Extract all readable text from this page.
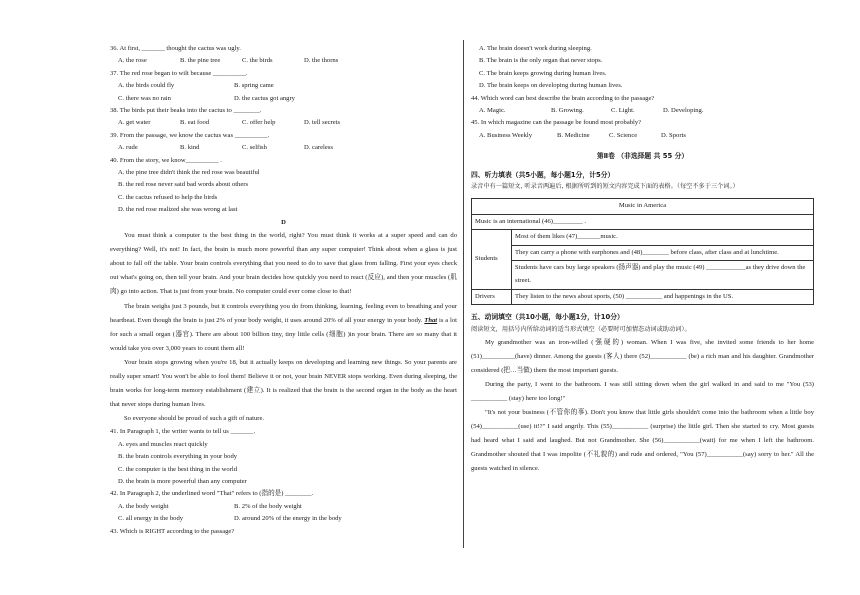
36. At first, _______ thought the cactus was ugly.
A. the rose	B. the pine tree	C. the birds	D. the thorns
37. The red rose began to wilt because __________.
A. the birds could fly	B. spring came
C. there was no rain	D. the cactus got angry
38. The birds put their beaks into the cactus to ________.
A. get water	B. eat food	C. offer help	D. tell secrets
39. From the passage, we know the cactus was __________.
A. rude	B. kind	C. selfish	D. careless
40. From the story, we know__________ .
A. the pine tree didn't think the red rose was beautiful
B. the red rose never said bad words about others
C. the cactus refused to help the birds
D. the red rose realized she was wrong at last
D
You must think a computer is the best thing in the world, right? You must think it works at a super speed and can do everything? Well, it's not! In fact, the brain is much more powerful than any super computer! Think about when a glass is just about to fall off the table. Your brain controls everything that you need to do to save that glass from falling. First your eyes check out what's going on, then tell your brain. And your brain decides how quickly you need to react (反应), and then your muscles (肌肉) go into action. That is just from your brain. No computer could ever come close to that!
The brain weighs just 3 pounds, but it controls everything you do from thinking, learning, feeling even to breathing and your heartbeat. Even though the brain is just 2% of your body weight, it uses around 20% of all your energy in your body. That is a lot for such a small organ (器官). There are about 100 billion tiny, tiny little cells (细胞) )in your brain. There are so many that it would take you over 3,000 years to count them all!
Your brain stops growing when you're 18, but it actually keeps on developing and learning new things. So your parents are really super smart! You won't be able to fool them! Believe it or not, your brain NEVER stops working. Even during sleeping, the brain works for long-term memory establishment (建立). It is realized that the brain is the second organ in the body as the heart that never stops during human lives.
So everyone should be proud of such a gift of nature.
41. In Paragraph 1, the writer wants to tell us _______.
A. eyes and muscles react quickly
B. the brain controls everything in your body
C. the computer is the best thing in the world
D. the brain is more powerful than any computer
42. In Paragraph 2, the underlined word "That" refers to (指的是) ________.
A. the body weight	B. 2% of the body weight
C. all energy in the body	D. around 20% of the energy in the body
43. Which is RIGHT according to the passage?
A. The brain doesn't work during sleeping.
B. The brain is the only organ that never stops.
C. The brain keeps growing during human lives.
D. The brain keeps on developing during human lives.
44. Which word can best describe the brain according to the passage?
A. Magic.	B. Growing.	C. Light.	D. Developing.
45. In which magazine can the passage be found most probably?
A. Business Weekly	B. Medicine	C. Science	D. Sports
第Ⅱ卷 （非选择题 共 55 分）
四、听力填表（共5小题，每小题1分，计5分）
录音中有一篇短文, 听录音两遍后, 根据所听到的短文内容完成下面的表格。（每空不多于三个词。）
Music in America	
Music is an international (46)_________ .	
Students	Most of them likes (47)_______music.
	They can carry a phone with earphones and (48)________ before class, after class and at lunchtime.
	Students have cars buy large speakers (扬声器) and play the music (49) ____________as they drive down the street.
Drivers	They listen to the news about sports, (50) ___________ and happenings in the US.
五、动词填空（共10小题，每小题1分，计10分）
阅读短文，用括号内所给动词的适当形式填空（必要时可加情态动词或助动词）。
My grandmother was an iron-willed (强硬的) woman. When I was five, she invited some friends to her home (51)__________(have) dinner. Among the guests (客人) there (52)___________ (be) a rich man and his daughter. Grandmother considered (把…当做) them the most important guests.
During the party, I went to the bathroom. I was still sitting down when the girl walked in and said to me "You (53) ___________ (stay) here too long!"
"It's not your business (不管你的事). Don't you know that little girls shouldn't come into the bathroom when a little boy (54)___________(use) it!?" I said angrily. This (55)___________ (surprise) the little girl. Then she started to cry. Most guests had heard what I said and laughed. But not Grandmother. She (56)___________(wait) for me when I left the bathroom. Grandmother shouted that I was impolite (不礼貌的) and rude and ordered, "You (57)___________(say) sorry to her." All the guests watched in silence.
